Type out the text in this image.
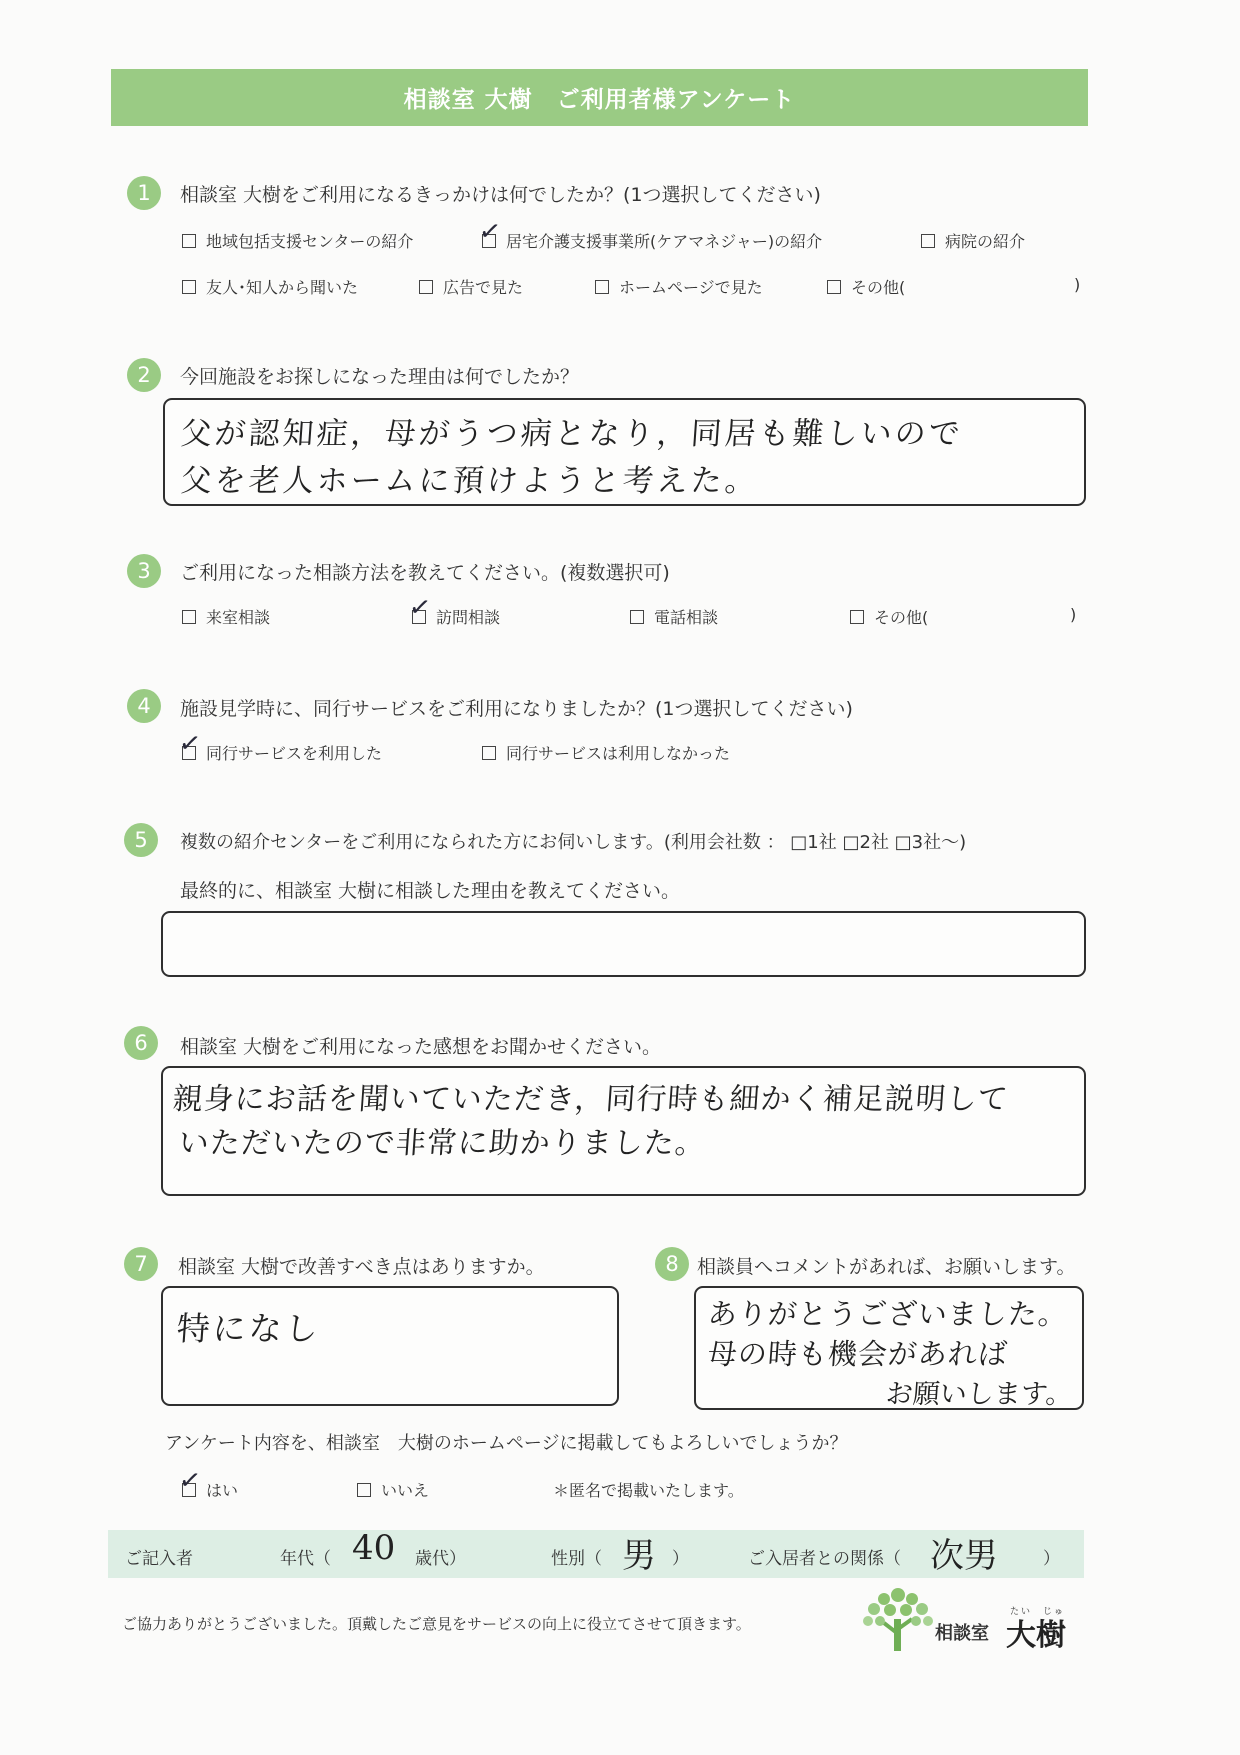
相談室 大樹　ご利用者様アンケート
1	相談室 大樹をご利用になるきっかけは何でしたか？(1つ選択してください)
地域包括支援センターの紹介 ✓ 居宅介護支援事業所(ケアマネジャー)の紹介	病院の紹介
友人･知人から聞いた	広告で見た	ホームページで見た	その他(	)
2	今回施設をお探しになった理由は何でしたか？
父が認知症，母がうつ病となり，同居も難しいので
父を老人ホームに預けようと考えた。
3	ご利用になった相談方法を教えてください。(複数選択可)
来室相談	✓ 訪問相談	電話相談	その他(	)
4	施設見学時に、同行サービスをご利用になりましたか？(1つ選択してください)
✓ 同行サービスを利用した	同行サービスは利用しなかった
5	複数の紹介センターをご利用になられた方にお伺いします。(利用会社数 ： □1社 □2社 □3社～)
最終的に、相談室 大樹に相談した理由を教えてください。
6	相談室 大樹をご利用になった感想をお聞かせください。
親身にお話を聞いていただき，同行時も細かく補足説明して
いただいたので非常に助かりました。
7	相談室 大樹で改善すべき点はありますか。
特になし
8 相談員へコメントがあれば、お願いします。
ありがとうございました。
母の時も機会があれば
お願いします。
アンケート内容を、相談室　大樹のホームページに掲載してもよろしいでしょうか？
✓ はい	いいえ	＊匿名で掲載いたします。
ご記入者	年代（ 40 歳代）	性別（ 男 ）	ご入居者との関係（ 次男	）
ご協力ありがとうございました。頂戴したご意見をサービスの向上に役立てさせて頂きます。	相談室
たい　じゅ
大樹
